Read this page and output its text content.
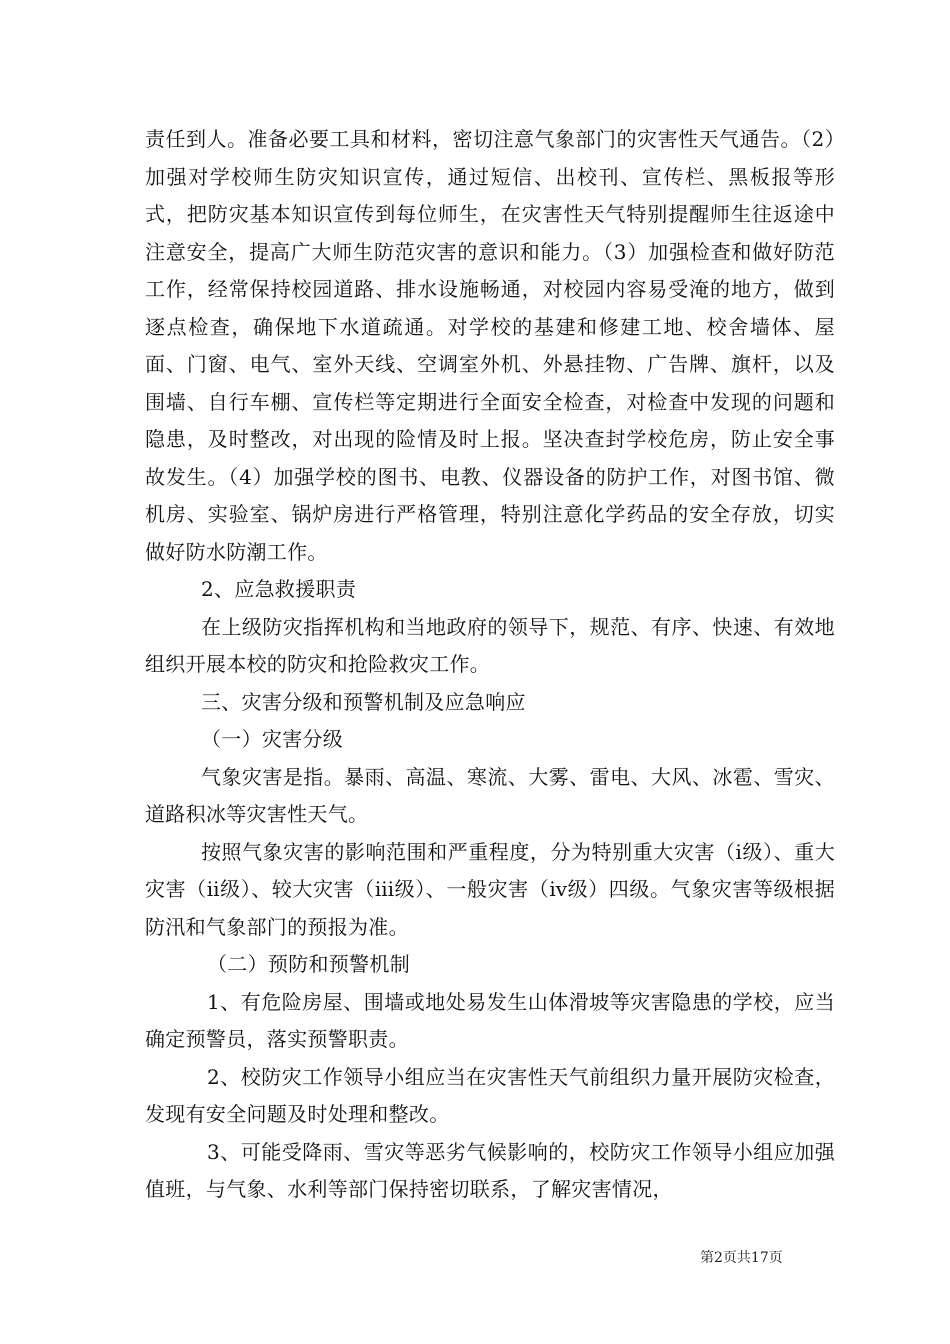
责任到人。准备必要工具和材料，密切注意气象部门的灾害性天气通告。（2）加强对学校师生防灾知识宣传，通过短信、出校刊、宣传栏、黑板报等形式，把防灾基本知识宣传到每位师生，在灾害性天气特别提醒师生往返途中注意安全，提高广大师生防范灾害的意识和能力。（3）加强检查和做好防范工作，经常保持校园道路、排水设施畅通，对校园内容易受淹的地方，做到逐点检查，确保地下水道疏通。对学校的基建和修建工地、校舍墙体、屋面、门窗、电气、室外天线、空调室外机、外悬挂物、广告牌、旗杆，以及围墙、自行车棚、宣传栏等定期进行全面安全检查，对检查中发现的问题和隐患，及时整改，对出现的险情及时上报。坚决查封学校危房，防止安全事故发生。（4）加强学校的图书、电教、仪器设备的防护工作，对图书馆、微机房、实验室、锅炉房进行严格管理，特别注意化学药品的安全存放，切实做好防水防潮工作。

2、应急救援职责

在上级防灾指挥机构和当地政府的领导下，规范、有序、快速、有效地组织开展本校的防灾和抢险救灾工作。

三、灾害分级和预警机制及应急响应

（一）灾害分级

气象灾害是指。暴雨、高温、寒流、大雾、雷电、大风、冰雹、雪灾、道路积冰等灾害性天气。

按照气象灾害的影响范围和严重程度，分为特别重大灾害（ⅰ级）、重大灾害（ⅱ级）、较大灾害（ⅲ级）、一般灾害（ⅳ级）四级。气象灾害等级根据防汛和气象部门的预报为准。

（二）预防和预警机制

1、有危险房屋、围墙或地处易发生山体滑坡等灾害隐患的学校，应当确定预警员，落实预警职责。

2、校防灾工作领导小组应当在灾害性天气前组织力量开展防灾检查，发现有安全问题及时处理和整改。

3、可能受降雨、雪灾等恶劣气候影响的，校防灾工作领导小组应加强值班，与气象、水利等部门保持密切联系，了解灾害情况，

第2页共17页
